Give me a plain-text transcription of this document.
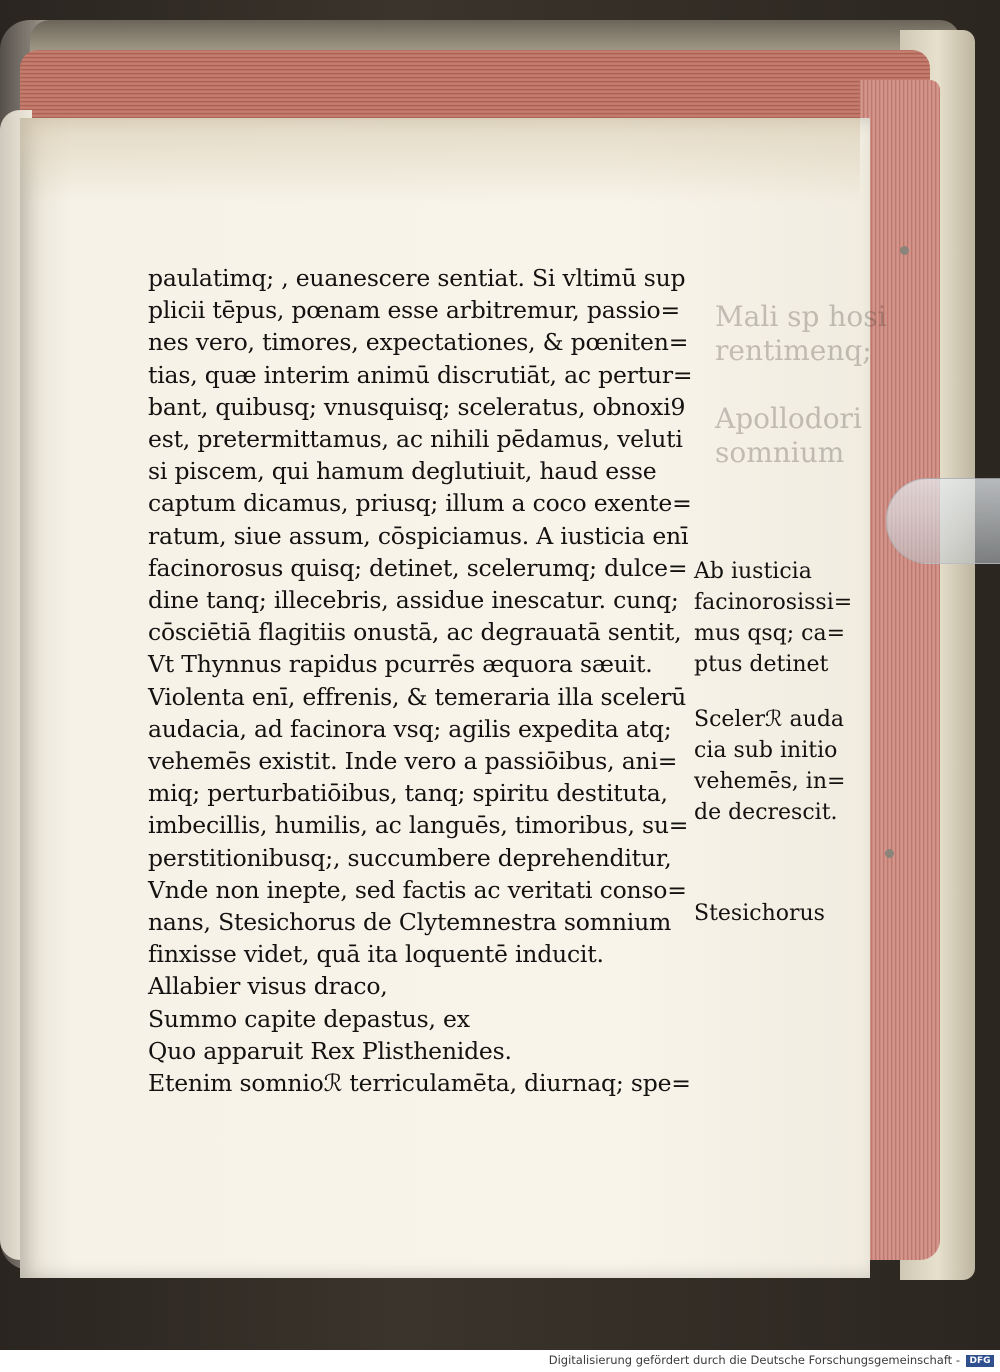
Mali sp hosi
rentimenq;

Apollodori
somnium
paulatimq; , euanescere sentiat. Si vltimū sup
plicii tēpus, pœnam esse arbitremur, passio=
nes vero, timores, expectationes, & pœniten=
tias, quæ interim animū discrutiāt, ac pertur=
bant, quibusq; vnusquisq; sceleratus, obnoxi9
est, pretermittamus, ac nihili pēdamus, veluti
si piscem, qui hamum deglutiuit, haud esse
captum dicamus, priusq; illum a coco exente=
ratum, siue assum, cōspiciamus. A iusticia enī
facinorosus quisq; detinet, scelerumq; dulce=
dine tanq; illecebris, assidue inescatur. cunq;
cōsciētiā flagitiis onustā, ac degrauatā sentit,
Vt Thynnus rapidus pcurrēs æquora sæuit.
Violenta enī, effrenis, & temeraria illa scelerū
audacia, ad facinora vsq; agilis expedita atq;
vehemēs existit. Inde vero a passiōibus, ani=
miq; perturbatiōibus, tanq; spiritu destituta,
imbecillis, humilis, ac languēs, timoribus, su=
perstitionibusq;, succumbere deprehenditur,
Vnde non inepte, sed factis ac veritati conso=
nans, Stesichorus de Clytemnestra somnium
finxisse videt, quā ita loquentē inducit.
Allabier visus draco,
Summo capite depastus, ex
Quo apparuit Rex Plisthenides.
Etenim somnioℛ terriculamēta, diurnaq; spe=
Ab iusticia
facinorosissi=
mus qsq; ca=
ptus detinet
Scelerℛ auda
cia sub initio
vehemēs, in=
de decrescit.
Stesichorus
Digitalisierung gefördert durch die Deutsche Forschungsgemeinschaft -	DFG
